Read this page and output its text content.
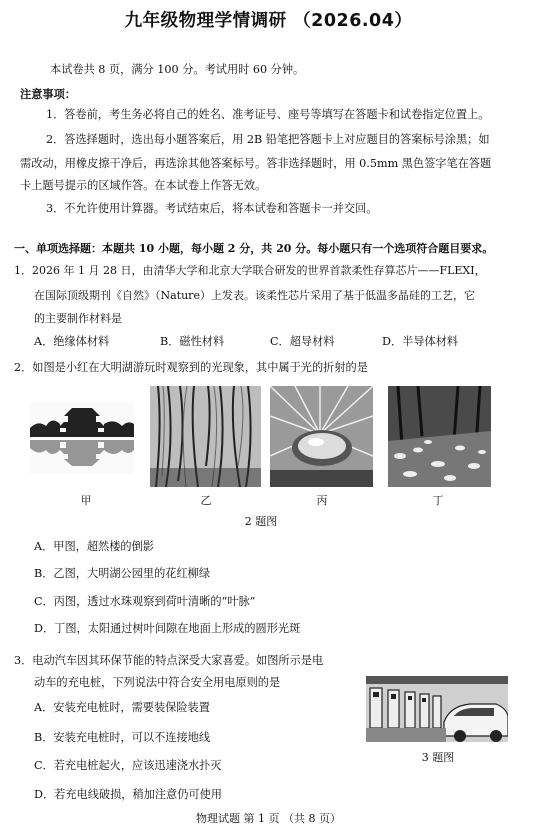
九年级物理学情调研 （2026.04）
本试卷共 8 页，满分 100 分。考试用时 60 分钟。
注意事项：
1．答卷前，考生务必将自己的姓名、准考证号、座号等填写在答题卡和试卷指定位置上。
2．答选择题时，选出每小题答案后，用 2B 铅笔把答题卡上对应题目的答案标号涂黑；如
需改动，用橡皮擦干净后，再选涂其他答案标号。答非选择题时，用 0.5mm 黑色签字笔在答题
卡上题号提示的区域作答。在本试卷上作答无效。
3．不允许使用计算器。考试结束后，将本试卷和答题卡一并交回。
一、单项选择题：本题共 10 小题，每小题 2 分，共 20 分。每小题只有一个选项符合题目要求。
1．2026 年 1 月 28 日，由清华大学和北京大学联合研发的世界首款柔性存算芯片——FLEXI，
在国际顶级期刊《自然》（Nature）上发表。该柔性芯片采用了基于低温多晶硅的工艺，它
的主要制作材料是
A．绝缘体材料	B．磁性材料	C．超导材料	D．半导体材料
2．如图是小红在大明湖游玩时观察到的光现象，其中属于光的折射的是
甲	乙	丙	丁
2 题图
A．甲图，超然楼的倒影
B．乙图，大明湖公园里的花红柳绿
C．丙图，透过水珠观察到荷叶清晰的“叶脉”
D．丁图，太阳通过树叶间隙在地面上形成的圆形光斑
3．电动汽车因其环保节能的特点深受大家喜爱。如图所示是电
动车的充电桩，下列说法中符合安全用电原则的是
A．安装充电桩时，需要装保险装置
B．安装充电桩时，可以不连接地线
C．若充电桩起火，应该迅速浇水扑灭
D．若充电线破损，稍加注意仍可使用
3 题图
物理试题 第 1 页 （共 8 页）
